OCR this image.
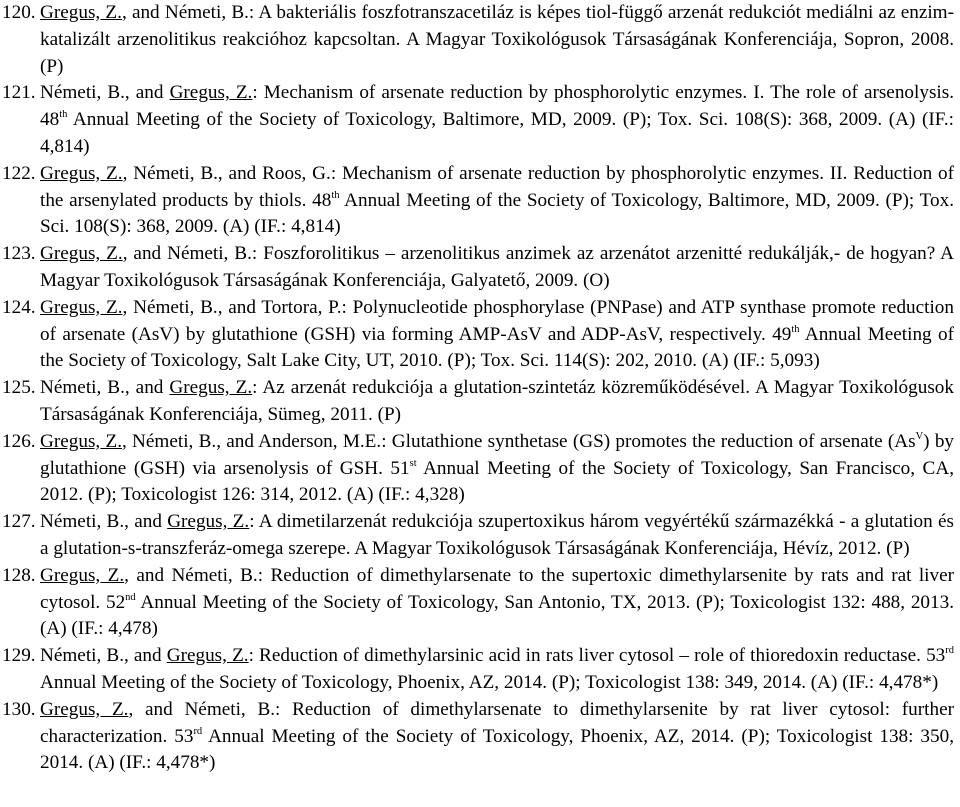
120. Gregus, Z., and Németi, B.: A bakteriális foszfotranszacetiláz is képes tiol-függő arzenát redukciót mediálni az enzim-katalizált arzenolitikus reakcióhoz kapcsoltan. A Magyar Toxikológusok Társaságának Konferenciája, Sopron, 2008. (P)
121. Németi, B., and Gregus, Z.: Mechanism of arsenate reduction by phosphorolytic enzymes. I. The role of arsenolysis. 48th Annual Meeting of the Society of Toxicology, Baltimore, MD, 2009. (P); Tox. Sci. 108(S): 368, 2009. (A) (IF.: 4,814)
122. Gregus, Z., Németi, B., and Roos, G.: Mechanism of arsenate reduction by phosphorolytic enzymes. II. Reduction of the arsenylated products by thiols. 48th Annual Meeting of the Society of Toxicology, Baltimore, MD, 2009. (P); Tox. Sci. 108(S): 368, 2009. (A) (IF.: 4,814)
123. Gregus, Z., and Németi, B.: Foszforolitikus – arzenolitikus anzimek az arzenátot arzenitté redukálják,- de hogyan? A Magyar Toxikológusok Társaságának Konferenciája, Galyatető, 2009. (O)
124. Gregus, Z., Németi, B., and Tortora, P.: Polynucleotide phosphorylase (PNPase) and ATP synthase promote reduction of arsenate (AsV) by glutathione (GSH) via forming AMP-AsV and ADP-AsV, respectively. 49th Annual Meeting of the Society of Toxicology, Salt Lake City, UT, 2010. (P); Tox. Sci. 114(S): 202, 2010. (A) (IF.: 5,093)
125. Németi, B., and Gregus, Z.: Az arzenát redukciója a glutation-szintetáz közreműködésével. A Magyar Toxikológusok Társaságának Konferenciája, Sümeg, 2011. (P)
126. Gregus, Z., Németi, B., and Anderson, M.E.: Glutathione synthetase (GS) promotes the reduction of arsenate $(As^V)$ by glutathione (GSH) via arsenolysis of GSH. 51st Annual Meeting of the Society of Toxicology, San Francisco, CA, 2012. (P); Toxicologist 126: 314, 2012. (A) (IF.: 4,328)
127. Németi, B., and Gregus, Z.: A dimetilarzenát redukciója szupertoxikus három vegyértékű származékká - a glutation és a glutation-s-transzferáz-omega szerepe. A Magyar Toxikológusok Társaságának Konferenciája, Hévíz, 2012. (P)
128. Gregus, Z., and Németi, B.: Reduction of dimethylarsenate to the supertoxic dimethylarsenite by rats and rat liver cytosol. 52nd Annual Meeting of the Society of Toxicology, San Antonio, TX, 2013. (P); Toxicologist 132: 488, 2013. (A) (IF.: 4,478)
129. Németi, B., and Gregus, Z.: Reduction of dimethylarsinic acid in rats liver cytosol – role of thioredoxin reductase. 53rd Annual Meeting of the Society of Toxicology, Phoenix, AZ, 2014. (P); Toxicologist 138: 349, 2014. (A) (IF.: 4,478*)
130. Gregus, Z., and Németi, B.: Reduction of dimethylarsenate to dimethylarsenite by rat liver cytosol: further characterization. 53rd Annual Meeting of the Society of Toxicology, Phoenix, AZ, 2014. (P); Toxicologist 138: 350, 2014. (A) (IF.: 4,478*)
